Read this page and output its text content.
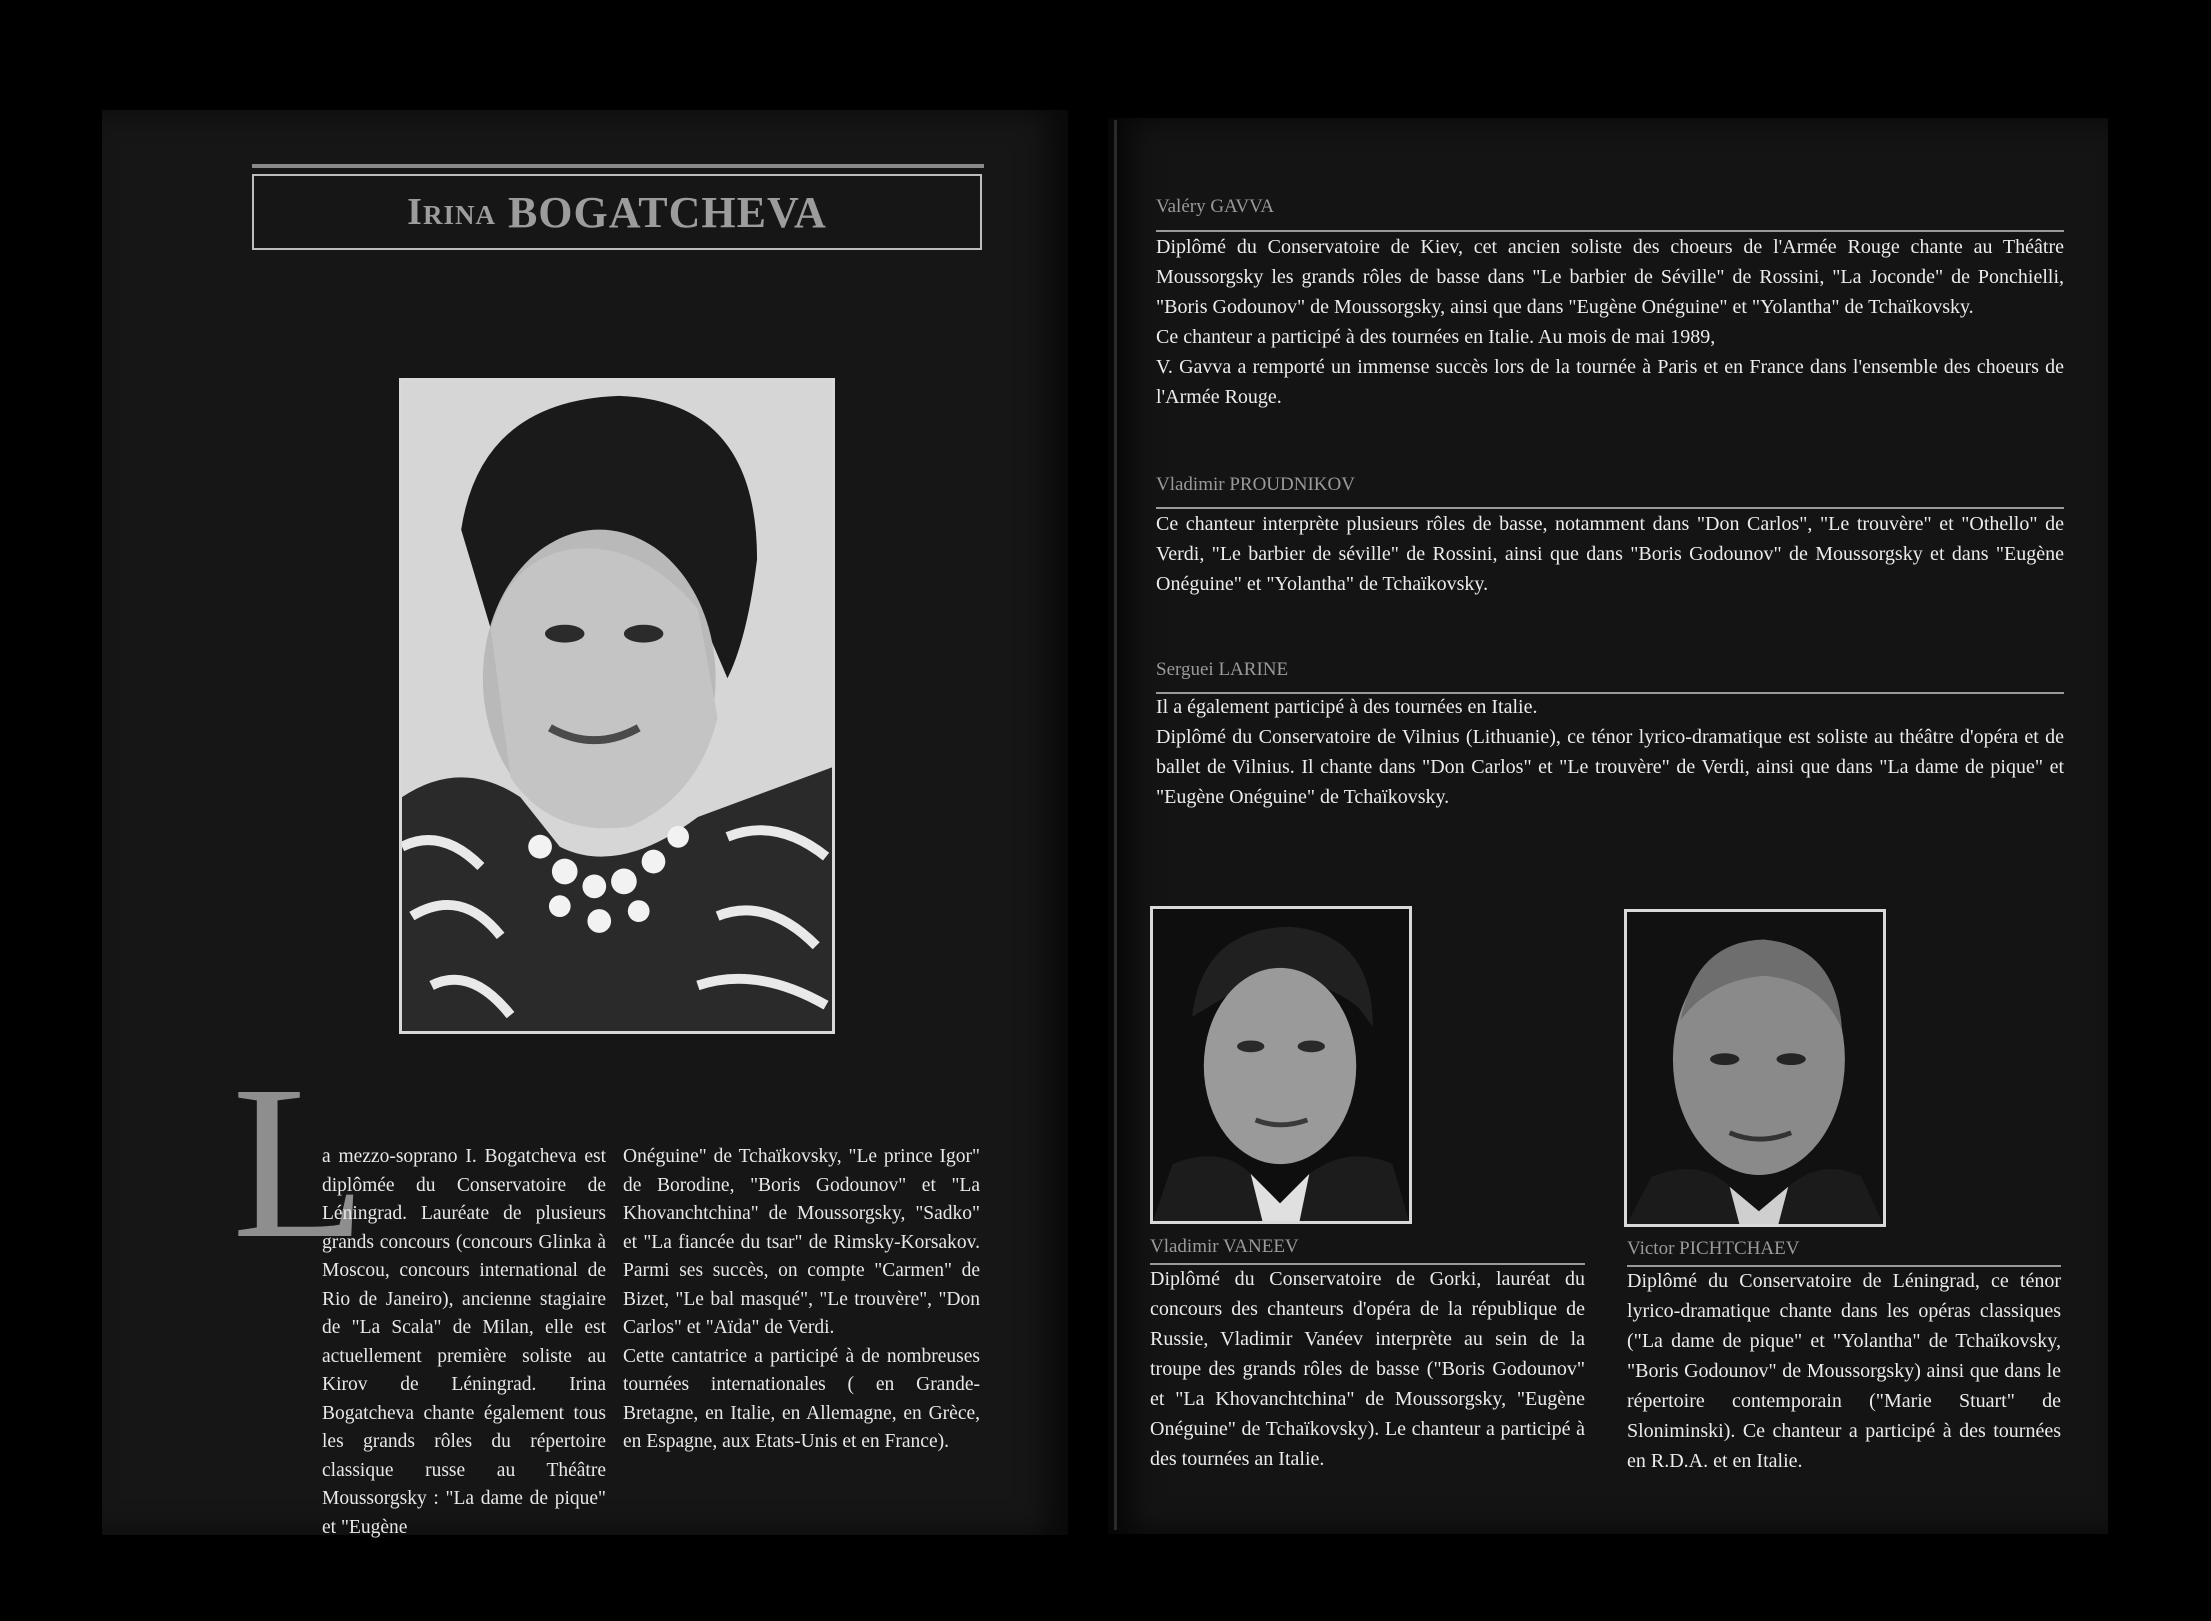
Irina BOGATCHEVA
L

a mezzo-soprano I. Bogatcheva est diplômée du Conservatoire de Léningrad. Lauréate de plusieurs grands concours (concours Glinka à Moscou, concours international de Rio de Janeiro), ancienne stagiaire de "La Scala" de Milan, elle est actuellement première soliste au Kirov de Léningrad. Irina Bogatcheva chante également tous les grands rôles du répertoire classique russe au Théâtre Moussorgsky : "La dame de pique" et "Eugène

Onéguine" de Tchaïkovsky, "Le prince Igor" de Borodine, "Boris Godounov" et "La Khovanchtchina" de Moussorgsky, "Sadko" et "La fiancée du tsar" de Rimsky-Korsakov. Parmi ses succès, on compte "Carmen" de Bizet, "Le bal masqué", "Le trouvère", "Don Carlos" et "Aïda" de Verdi.

Cette cantatrice a participé à de nombreuses tournées internationales ( en Grande-Bretagne, en Italie, en Allemagne, en Grèce, en Espagne, aux Etats-Unis et en France).

Valéry GAVVA

Diplômé du Conservatoire de Kiev, cet ancien soliste des choeurs de l'Armée Rouge chante au Théâtre Moussorgsky les grands rôles de basse dans "Le barbier de Séville" de Rossini, "La Joconde" de Ponchielli, "Boris Godounov" de Moussorgsky, ainsi que dans "Eugène Onéguine" et "Yolantha" de Tchaïkovsky.

Ce chanteur a participé à des tournées en Italie. Au mois de mai 1989,

V. Gavva a remporté un immense succès lors de la tournée à Paris et en France dans l'ensemble des choeurs de l'Armée Rouge.

Vladimir PROUDNIKOV

Ce chanteur interprète plusieurs rôles de basse, notamment dans "Don Carlos", "Le trouvère" et "Othello" de Verdi, "Le barbier de séville" de Rossini, ainsi que dans "Boris Godounov" de Moussorgsky et dans "Eugène Onéguine" et "Yolantha" de Tchaïkovsky.

Serguei LARINE

Il a également participé à des tournées en Italie.

Diplômé du Conservatoire de Vilnius (Lithuanie), ce ténor lyrico-dramatique est soliste au théâtre d'opéra et de ballet de Vilnius. Il chante dans "Don Carlos" et "Le trouvère" de Verdi, ainsi que dans "La dame de pique" et "Eugène Onéguine" de Tchaïkovsky.

Vladimir VANEEV

Diplômé du Conservatoire de Gorki, lauréat du concours des chanteurs d'opéra de la république de Russie, Vladimir Vanéev interprète au sein de la troupe des grands rôles de basse ("Boris Godounov" et "La Khovanchtchina" de Moussorgsky, "Eugène Onéguine" de Tchaïkovsky). Le chanteur a participé à des tournées an Italie.

Victor PICHTCHAEV

Diplômé du Conservatoire de Léningrad, ce ténor lyrico-dramatique chante dans les opéras classiques ("La dame de pique" et "Yolantha" de Tchaïkovsky, "Boris Godounov" de Moussorgsky) ainsi que dans le répertoire contemporain ("Marie Stuart" de Sloniminski). Ce chanteur a participé à des tournées en R.D.A. et en Italie.
